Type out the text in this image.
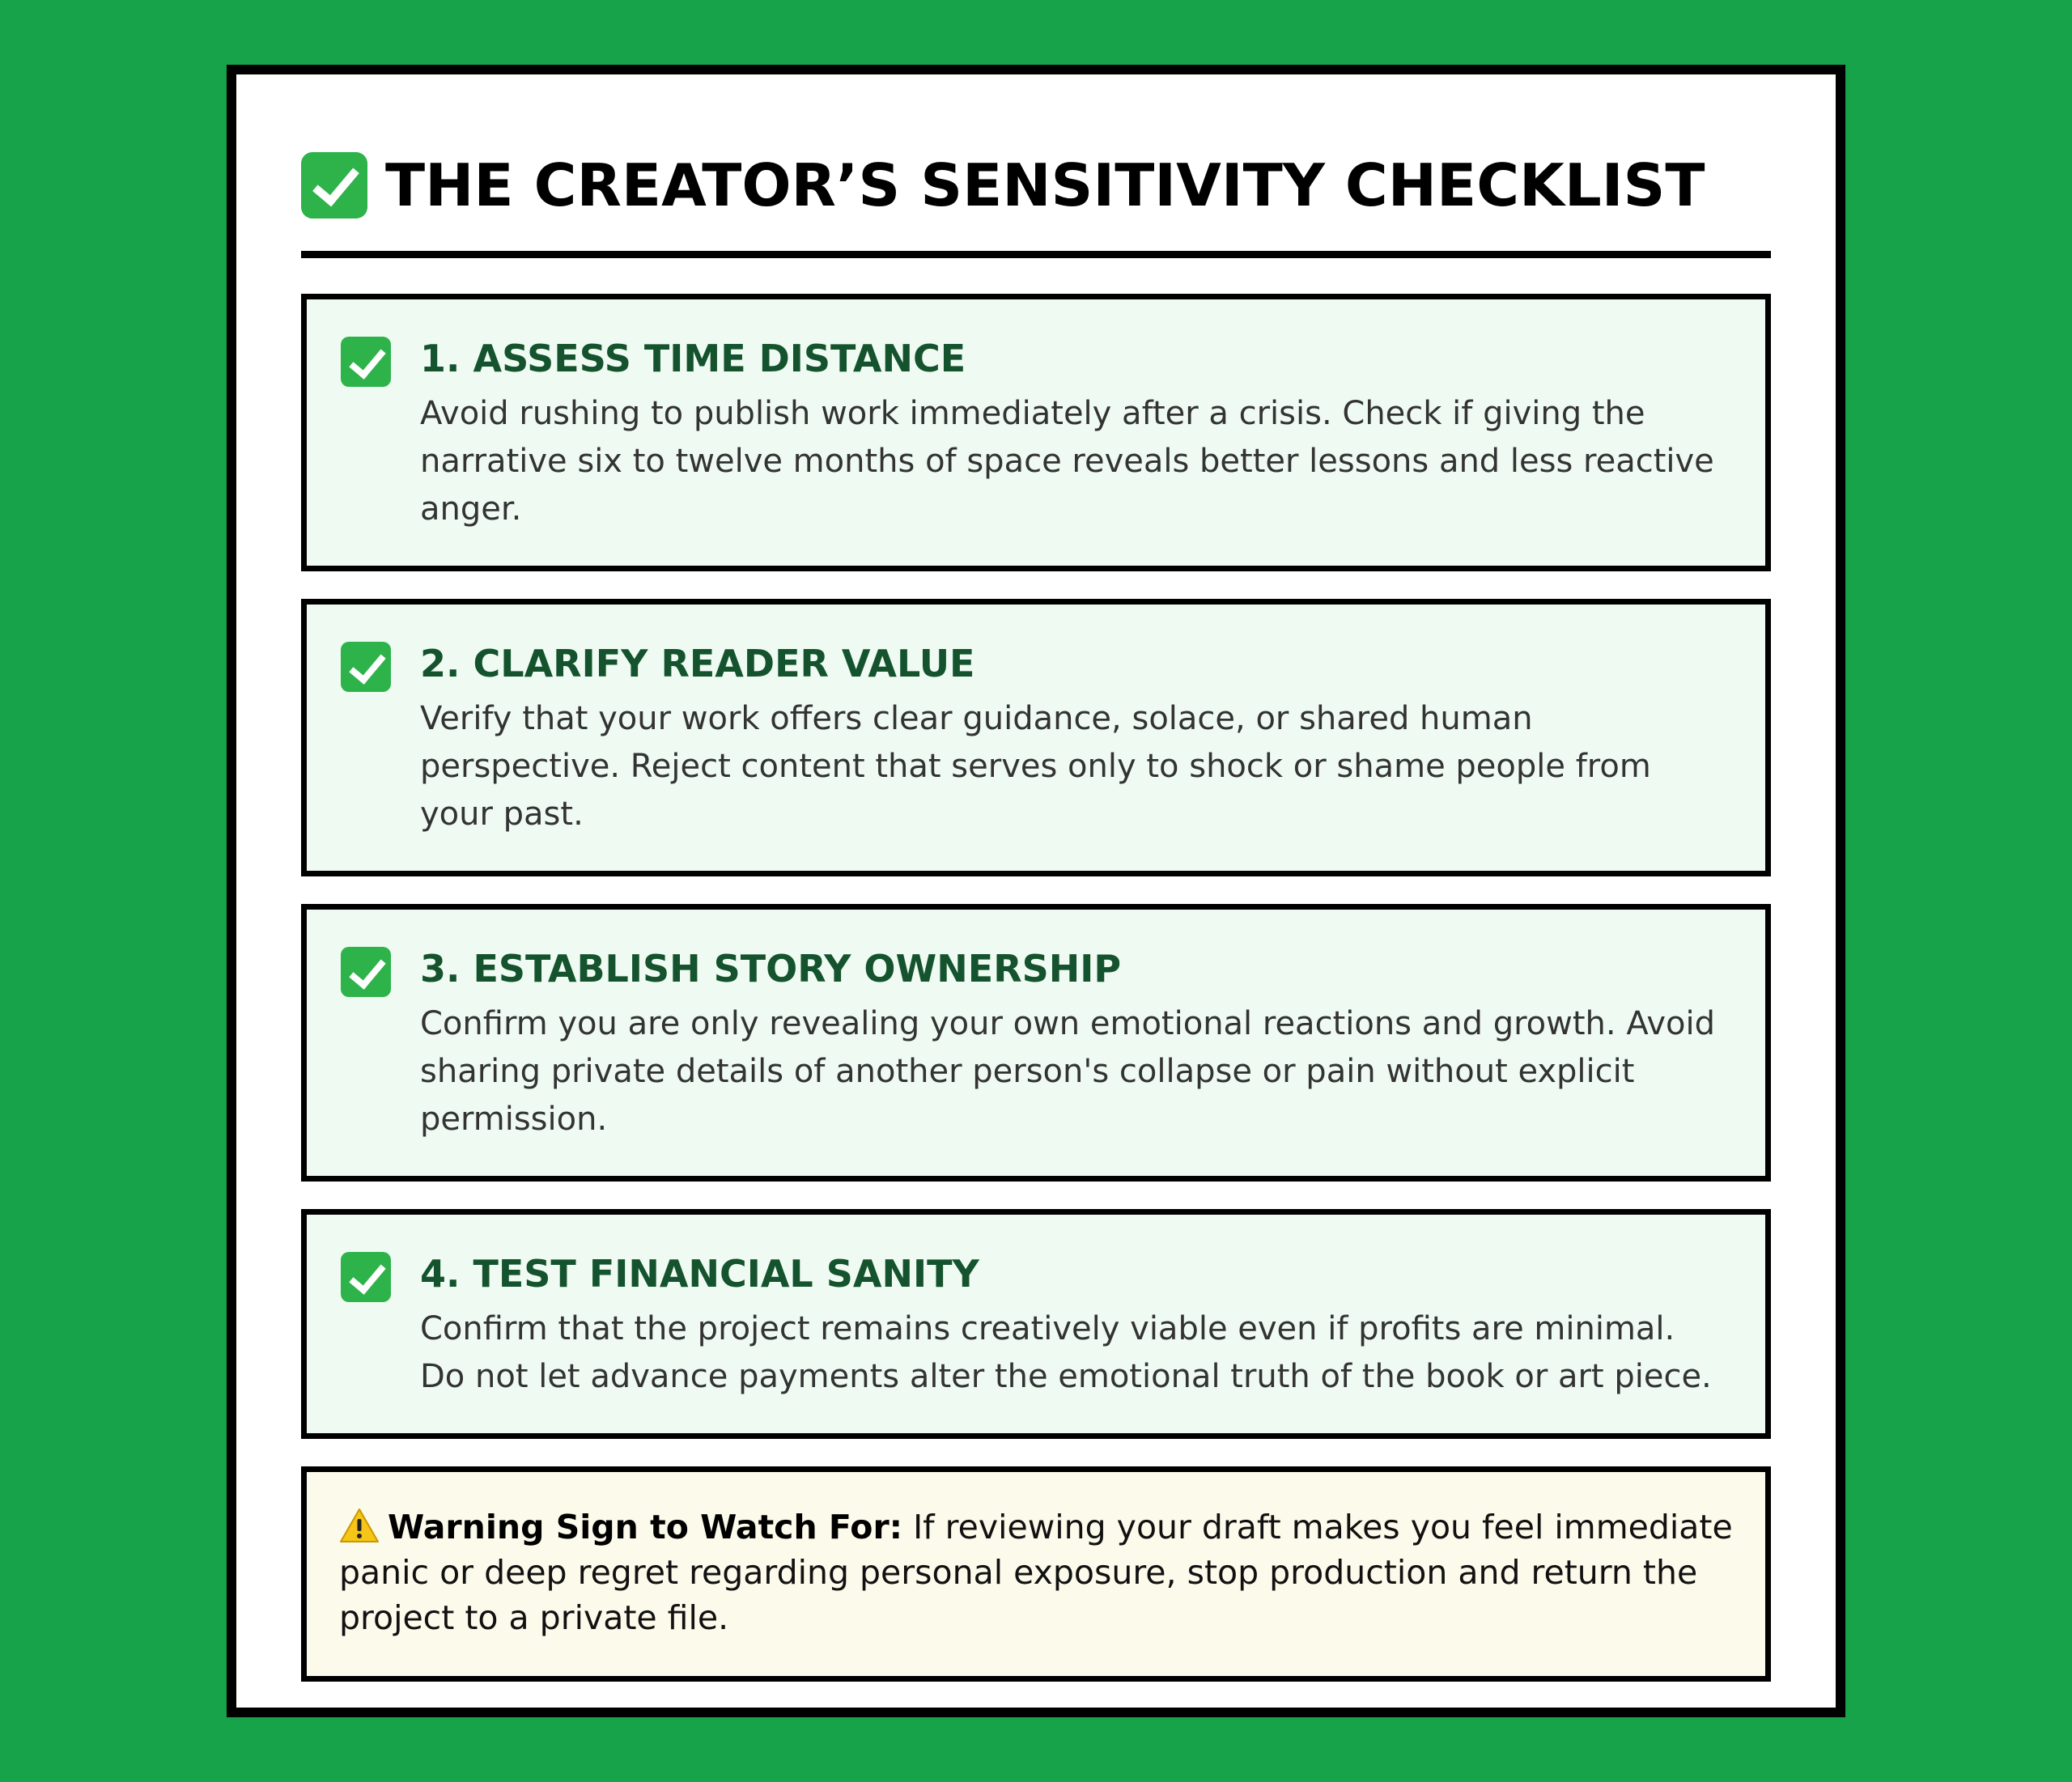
THE CREATOR’S SENSITIVITY CHECKLIST
1. ASSESS TIME DISTANCE
Avoid rushing to publish work immediately after a crisis. Check if giving the narrative six to twelve months of space reveals better lessons and less reactive anger.
2. CLARIFY READER VALUE
Verify that your work offers clear guidance, solace, or shared human perspective. Reject content that serves only to shock or shame people from your past.
3. ESTABLISH STORY OWNERSHIP
Confirm you are only revealing your own emotional reactions and growth. Avoid sharing private details of another person's collapse or pain without explicit permission.
4. TEST FINANCIAL SANITY
Confirm that the project remains creatively viable even if profits are minimal. Do not let advance payments alter the emotional truth of the book or art piece.
Warning Sign to Watch For: If reviewing your draft makes you feel immediate panic or deep regret regarding personal exposure, stop production and return the project to a private file.
